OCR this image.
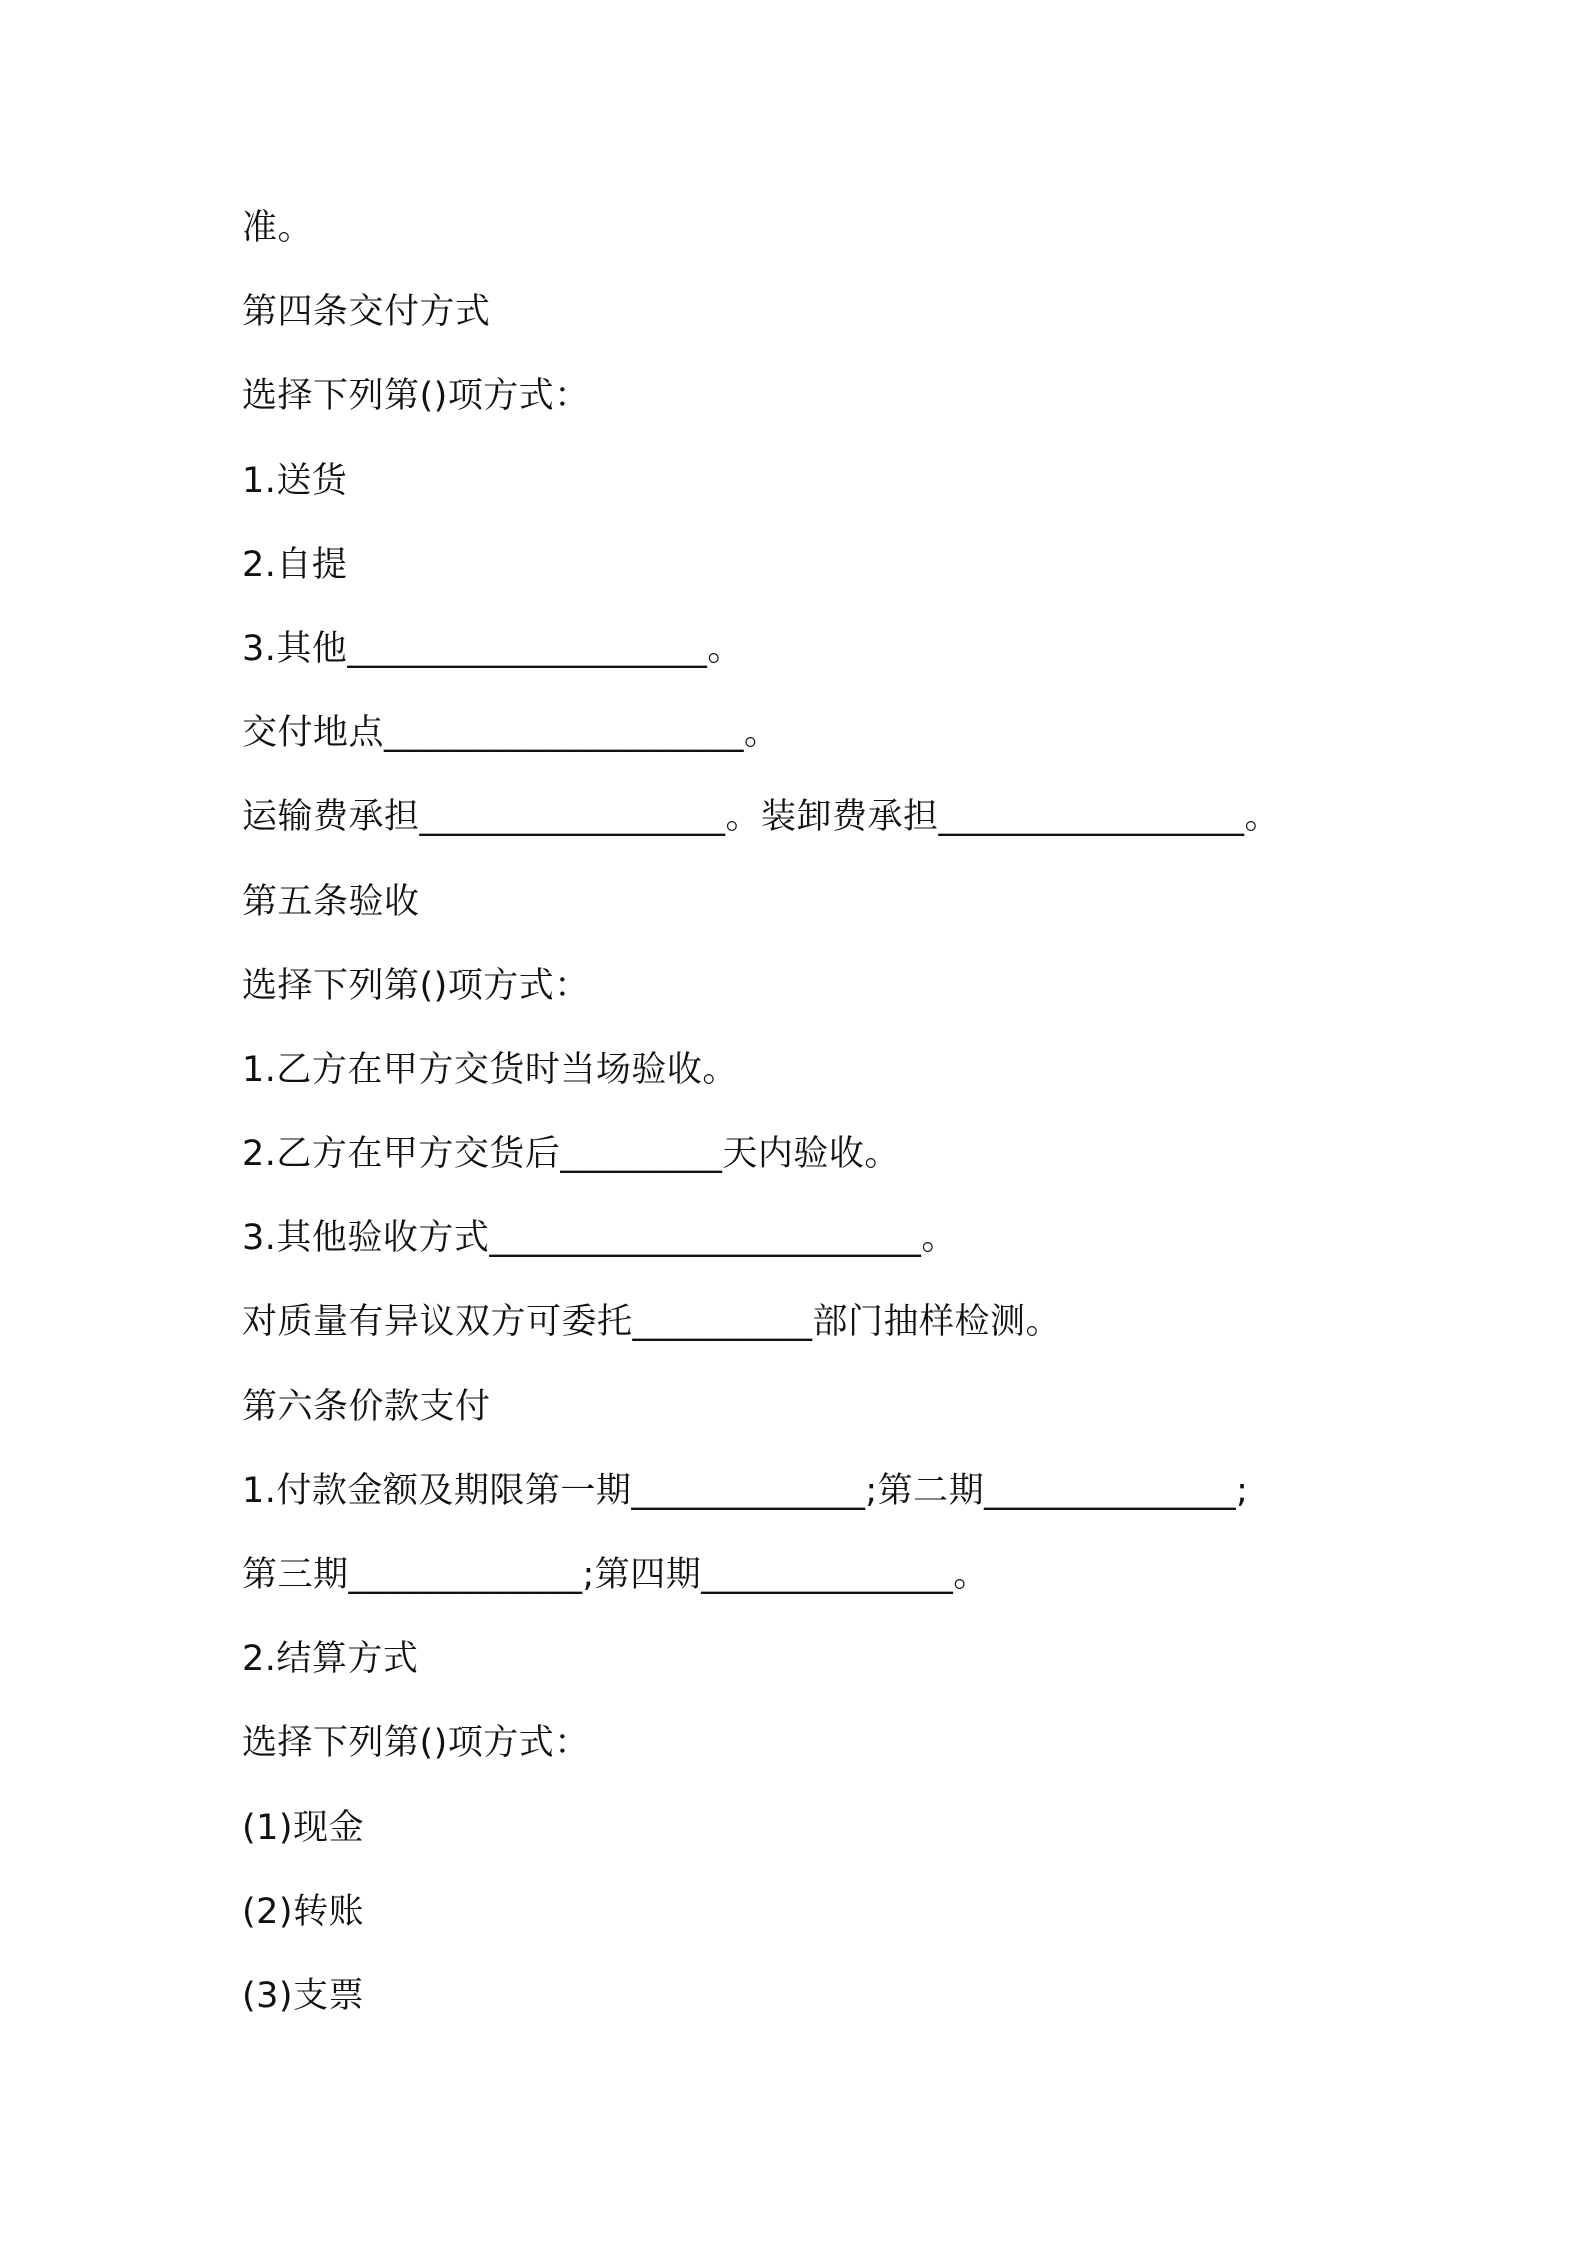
准。
第四条交付方式
选择下列第()项方式：
1.送货
2.自提
3.其他____________________。
交付地点____________________。
运输费承担_________________。装卸费承担_________________。
第五条验收
选择下列第()项方式：
1.乙方在甲方交货时当场验收。
2.乙方在甲方交货后_________天内验收。
3.其他验收方式________________________。
对质量有异议双方可委托__________部门抽样检测。
第六条价款支付
1.付款金额及期限第一期_____________;第二期______________;
第三期_____________;第四期______________。
2.结算方式
选择下列第()项方式：
(1)现金
(2)转账
(3)支票
